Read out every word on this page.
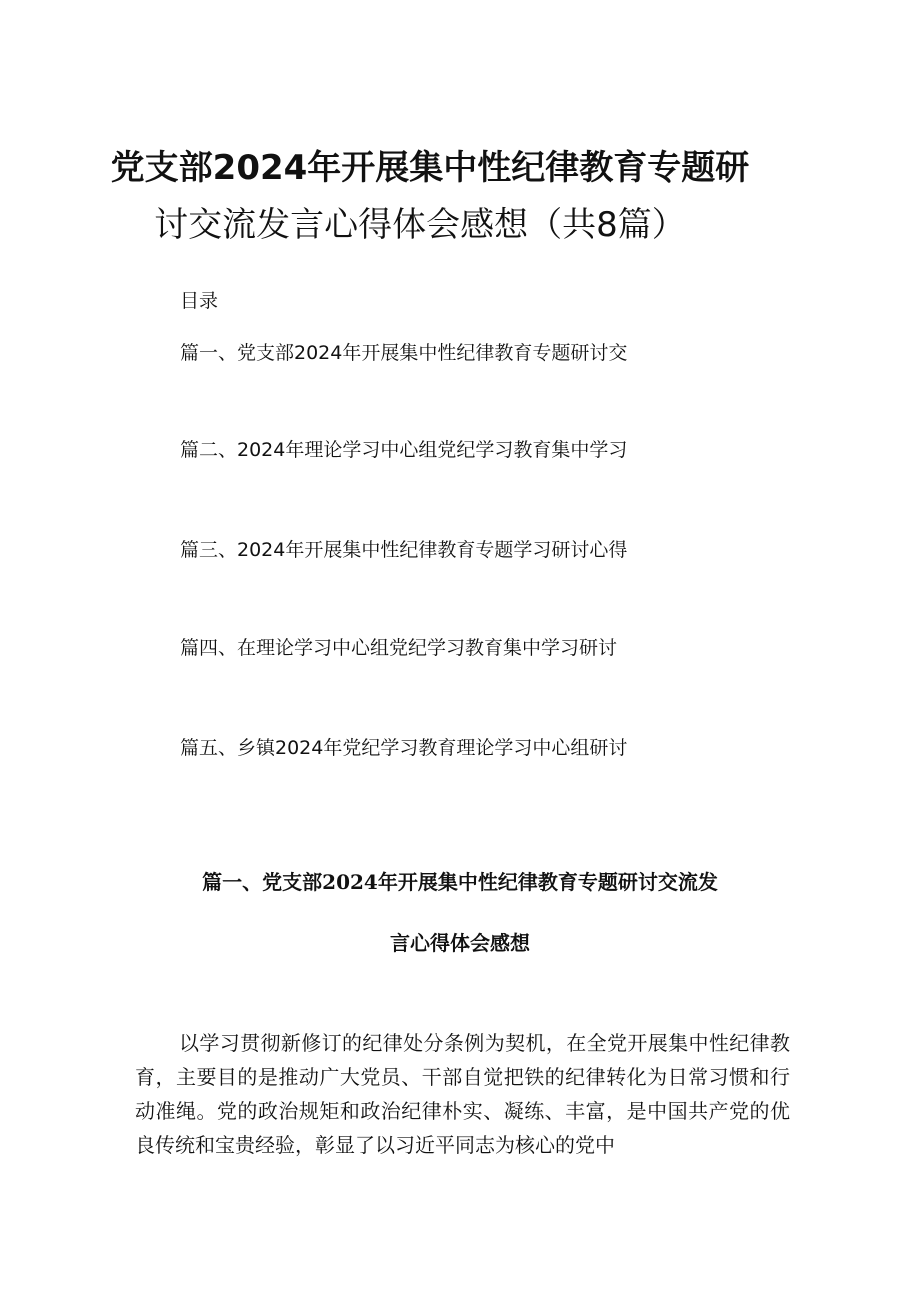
党支部2024年开展集中性纪律教育专题研
讨交流发言心得体会感想（共8篇）
目录
篇一、党支部2024年开展集中性纪律教育专题研讨交
篇二、2024年理论学习中心组党纪学习教育集中学习
篇三、2024年开展集中性纪律教育专题学习研讨心得
篇四、在理论学习中心组党纪学习教育集中学习研讨
篇五、乡镇2024年党纪学习教育理论学习中心组研讨
篇一、党支部2024年开展集中性纪律教育专题研讨交流发
言心得体会感想
以学习贯彻新修订的纪律处分条例为契机，在全党开展集中性纪律教育，主要目的是推动广大党员、干部自觉把铁的纪律转化为日常习惯和行动准绳。党的政治规矩和政治纪律朴实、凝练、丰富，是中国共产党的优良传统和宝贵经验，彰显了以习近平同志为核心的党中
